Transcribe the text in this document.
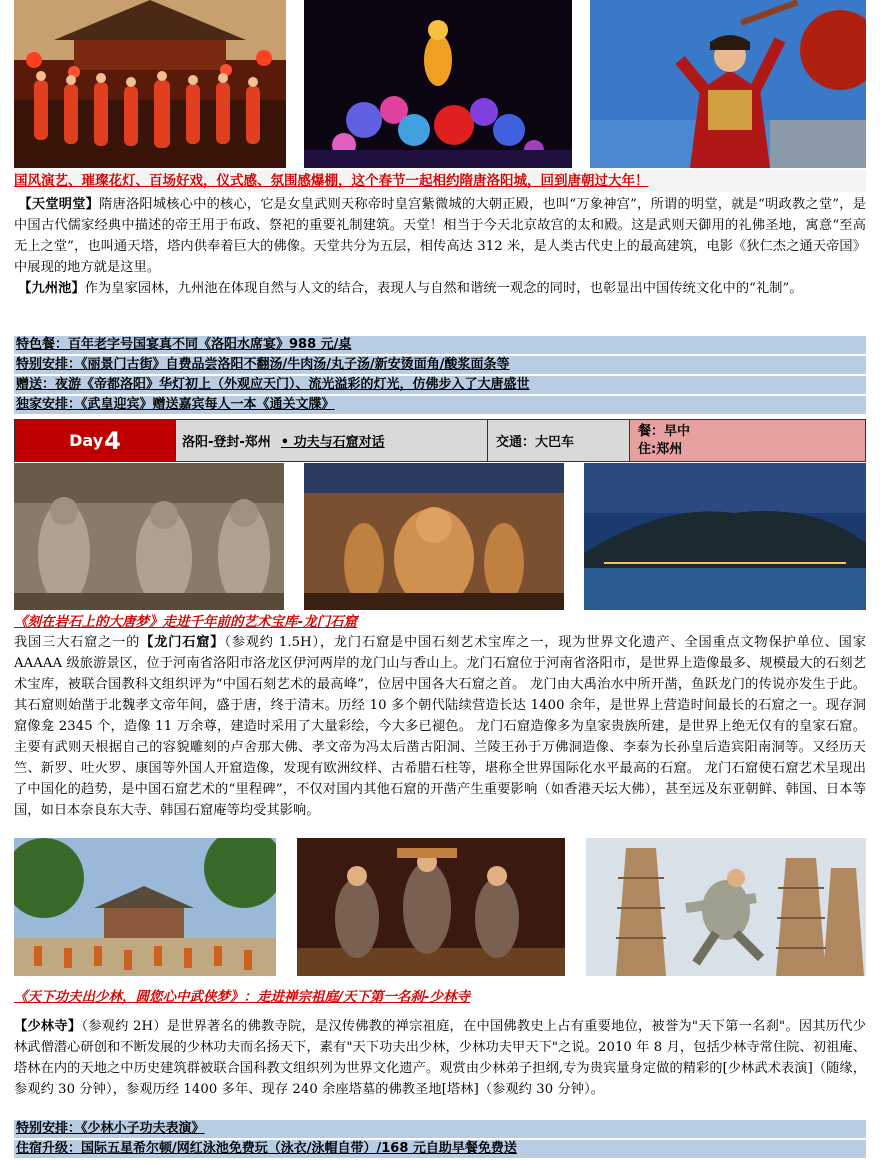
国风演艺、璀璨花灯、百场好戏，仪式感、氛围感爆棚，这个春节一起相约隋唐洛阳城，回到唐朝过大年！
【天堂明堂】隋唐洛阳城核心中的核心，它是女皇武则天称帝时皇宫紫微城的大朝正殿，也叫“万象神宫”，所谓的明堂，就是“明政教之堂”，是中国古代儒家经典中描述的帝王用于布政、祭祀的重要礼制建筑。天堂！相当于今天北京故宫的太和殿。这是武则天御用的礼佛圣地，寓意“至高无上之堂”，也叫通天塔，塔内供奉着巨大的佛像。天堂共分为五层，相传高达 312 米，是人类古代史上的最高建筑，电影《狄仁杰之通天帝国》中展现的地方就是这里。
【九州池】作为皇家园林，九州池在体现自然与人文的结合，表现人与自然和谐统一观念的同时，也彰显出中国传统文化中的“礼制”。
特色餐：百年老字号国宴真不同《洛阳水席宴》988 元/桌
特别安排：《丽景门古街》自费品尝洛阳不翻汤/牛肉汤/丸子汤/新安烫面角/酸浆面条等
赠送：夜游《帝都洛阳》华灯初上（外观应天门）、流光溢彩的灯光，仿佛步入了大唐盛世
独家安排：《武皇迎宾》赠送嘉宾每人一本《通关文牒》
Day 4	洛阳-登封-郑州 • 功夫与石窟对话	交通：大巴车
餐：早中
住:郑州
《刻在岩石上的大唐梦》走进千年前的艺术宝库-龙门石窟
我国三大石窟之一的【龙门石窟】（参观约 1.5H），龙门石窟是中国石刻艺术宝库之一，现为世界文化遗产、全国重点文物保护单位、国家 AAAAA 级旅游景区，位于河南省洛阳市洛龙区伊河两岸的龙门山与香山上。龙门石窟位于河南省洛阳市，是世界上造像最多、规模最大的石刻艺术宝库，被联合国教科文组织评为“中国石刻艺术的最高峰”，位居中国各大石窟之首。 龙门由大禹治水中所开凿，鱼跃龙门的传说亦发生于此。其石窟则始凿于北魏孝文帝年间，盛于唐，终于清末。历经 10 多个朝代陆续营造长达 1400 余年，是世界上营造时间最长的石窟之一。现存洞窟像龛 2345 个，造像 11 万余尊，建造时采用了大量彩绘，今大多已褪色。 龙门石窟造像多为皇家贵族所建，是世界上绝无仅有的皇家石窟。主要有武则天根据自己的容貌雕刻的卢舍那大佛、孝文帝为冯太后凿古阳洞、兰陵王孙于万佛洞造像、李泰为长孙皇后造宾阳南洞等。又经历天竺、新罗、吐火罗、康国等外国人开窟造像，发现有欧洲纹样、古希腊石柱等，堪称全世界国际化水平最高的石窟。 龙门石窟使石窟艺术呈现出了中国化的趋势，是中国石窟艺术的“里程碑”，不仅对国内其他石窟的开凿产生重要影响（如香港天坛大佛），甚至远及东亚朝鲜、韩国、日本等国，如日本奈良东大寺、韩国石窟庵等均受其影响。
《天下功夫出少林，圆您心中武侠梦》：走进禅宗祖庭/天下第一名刹-少林寺
【少林寺】（参观约 2H）是世界著名的佛教寺院，是汉传佛教的禅宗祖庭，在中国佛教史上占有重要地位，被誉为"天下第一名刹"。因其历代少林武僧潜心研创和不断发展的少林功夫而名扬天下，素有"天下功夫出少林，少林功夫甲天下"之说。2010 年 8 月，包括少林寺常住院、初祖庵、塔林在内的天地之中历史建筑群被联合国科教文组织列为世界文化遗产。观赏由少林弟子担纲,专为贵宾量身定做的精彩的[少林武术表演]（随缘，参观约 30 分钟），参观历经 1400 多年、现存 240 余座塔墓的佛教圣地[塔林]（参观约 30 分钟）。
特别安排：《少林小子功夫表演》
住宿升级：国际五星希尔顿/网红泳池免费玩（泳衣/泳帽自带）/168 元自助早餐免费送
